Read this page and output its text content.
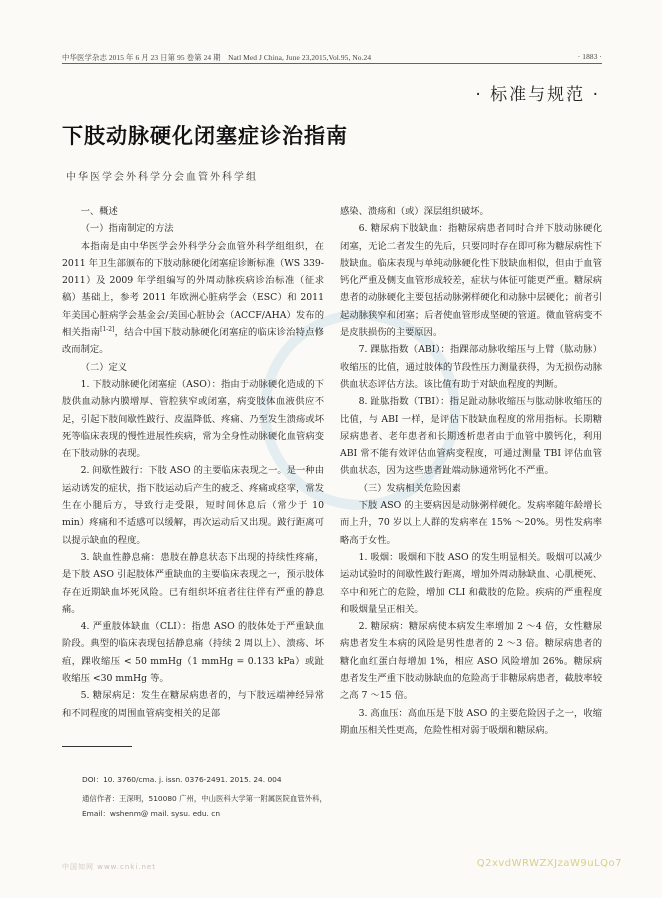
中华医学杂志 2015 年 6 月 23 日第 95 卷第 24 期　Natl Med J China, June 23,2015,Vol.95, No.24	· 1883 ·
· 标准与规范 ·
下肢动脉硬化闭塞症诊治指南
中华医学会外科学分会血管外科学组

一、概述

（一）指南制定的方法

本指南是由中华医学会外科学分会血管外科学组组织，在 2011 年卫生部颁布的下肢动脉硬化闭塞症诊断标准（WS 339-2011）及 2009 年学组编写的外周动脉疾病诊治标准（征求稿）基础上，参考 2011 年欧洲心脏病学会（ESC）和 2011 年美国心脏病学会基金会/美国心脏协会（ACCF/AHA）发布的相关指南[1-2]，结合中国下肢动脉硬化闭塞症的临床诊治特点修改而制定。

（二）定义

1. 下肢动脉硬化闭塞症（ASO）：指由于动脉硬化造成的下肢供血动脉内膜增厚、管腔狭窄或闭塞，病变肢体血液供应不足，引起下肢间歇性跛行、皮温降低、疼痛、乃至发生溃疡或坏死等临床表现的慢性进展性疾病，常为全身性动脉硬化血管病变在下肢动脉的表现。

2. 间歇性跛行：下肢 ASO 的主要临床表现之一。是一种由运动诱发的症状，指下肢运动后产生的疲乏、疼痛或痉挛，常发生在小腿后方，导致行走受限，短时间休息后（常少于 10 min）疼痛和不适感可以缓解，再次运动后又出现。跛行距离可以提示缺血的程度。

3. 缺血性静息痛：患肢在静息状态下出现的持续性疼痛，是下肢 ASO 引起肢体严重缺血的主要临床表现之一，预示肢体存在近期缺血坏死风险。已有组织坏疽者往往伴有严重的静息痛。

4. 严重肢体缺血（CLI）：指患 ASO 的肢体处于严重缺血阶段。典型的临床表现包括静息痛（持续 2 周以上）、溃疡、坏疽，踝收缩压 < 50 mmHg（1 mmHg = 0.133 kPa）或趾收缩压 <30 mmHg 等。

5. 糖尿病足：发生在糖尿病患者的，与下肢远端神经异常和不同程度的周围血管病变相关的足部

感染、溃疡和（或）深层组织破坏。

6. 糖尿病下肢缺血：指糖尿病患者同时合并下肢动脉硬化闭塞，无论二者发生的先后，只要同时存在即可称为糖尿病性下肢缺血。临床表现与单纯动脉硬化性下肢缺血相似，但由于血管钙化严重及侧支血管形成较差，症状与体征可能更严重。糖尿病患者的动脉硬化主要包括动脉粥样硬化和动脉中层硬化；前者引起动脉狭窄和闭塞；后者使血管形成坚硬的管道。微血管病变不是皮肤损伤的主要原因。

7. 踝肱指数（ABI）：指踝部动脉收缩压与上臂（肱动脉）收缩压的比值，通过肢体的节段性压力测量获得，为无损伤动脉供血状态评估方法。该比值有助于对缺血程度的判断。

8. 趾肱指数（TBI）：指足趾动脉收缩压与肱动脉收缩压的比值，与 ABI 一样，是评估下肢缺血程度的常用指标。长期糖尿病患者、老年患者和长期透析患者由于血管中膜钙化，利用 ABI 常不能有效评估血管病变程度，可通过测量 TBI 评估血管供血状态，因为这些患者趾端动脉通常钙化不严重。

（三）发病相关危险因素

下肢 ASO 的主要病因是动脉粥样硬化。发病率随年龄增长而上升，70 岁以上人群的发病率在 15% ～20%。男性发病率略高于女性。

1. 吸烟：吸烟和下肢 ASO 的发生明显相关。吸烟可以减少运动试验时的间歇性跛行距离，增加外周动脉缺血、心肌梗死、卒中和死亡的危险，增加 CLI 和截肢的危险。疾病的严重程度和吸烟量呈正相关。

2. 糖尿病：糖尿病使本病发生率增加 2 ～4 倍，女性糖尿病患者发生本病的风险是男性患者的 2 ～3 倍。糖尿病患者的糖化血红蛋白每增加 1%，相应 ASO 风险增加 26%。糖尿病患者发生严重下肢动脉缺血的危险高于非糖尿病患者，截肢率较之高 7 ～15 倍。

3. 高血压：高血压是下肢 ASO 的主要危险因子之一，收缩期血压相关性更高，危险性相对弱于吸烟和糖尿病。

DOI：10. 3760/cma. j. issn. 0376-2491. 2015. 24. 004
通信作者：王深明，510080 广州，中山医科大学第一附属医院血管外科，Email：wshenm@ mail. sysu. edu. cn
中国知网 www.cnki.net	Q2xvdWRWZXJzaW9uLQo7
